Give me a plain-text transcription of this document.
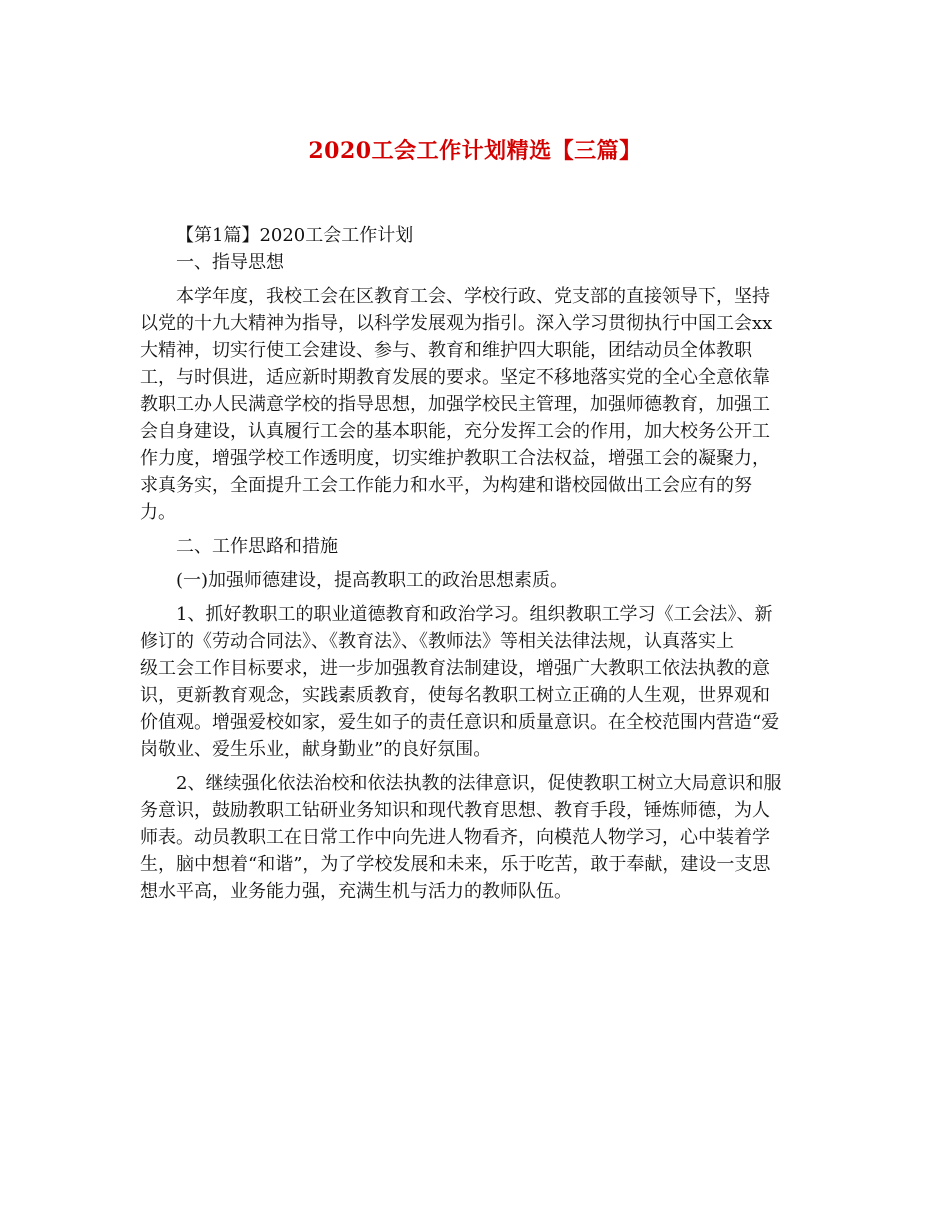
2020工会工作计划精选【三篇】
【第1篇】2020工会工作计划
一、指导思想
本学年度，我校工会在区教育工会、学校行政、党支部的直接领导下，坚持
以党的十九大精神为指导，以科学发展观为指引。深入学习贯彻执行中国工会xx
大精神，切实行使工会建设、参与、教育和维护四大职能，团结动员全体教职
工，与时俱进，适应新时期教育发展的要求。坚定不移地落实党的全心全意依靠
教职工办人民满意学校的指导思想，加强学校民主管理，加强师德教育，加强工
会自身建设，认真履行工会的基本职能，充分发挥工会的作用，加大校务公开工
作力度，增强学校工作透明度，切实维护教职工合法权益，增强工会的凝聚力，
求真务实，全面提升工会工作能力和水平，为构建和谐校园做出工会应有的努
力。
二、工作思路和措施
(一)加强师德建设，提高教职工的政治思想素质。
1、抓好教职工的职业道德教育和政治学习。组织教职工学习《工会法》、新
修订的《劳动合同法》、《教育法》、《教师法》等相关法律法规，认真落实上
级工会工作目标要求，进一步加强教育法制建设，增强广大教职工依法执教的意
识，更新教育观念，实践素质教育，使每名教职工树立正确的人生观，世界观和
价值观。增强爱校如家，爱生如子的责任意识和质量意识。在全校范围内营造“爱
岗敬业、爱生乐业，献身勤业”的良好氛围。
2、继续强化依法治校和依法执教的法律意识，促使教职工树立大局意识和服
务意识，鼓励教职工钻研业务知识和现代教育思想、教育手段，锤炼师德，为人
师表。动员教职工在日常工作中向先进人物看齐，向模范人物学习，心中装着学
生，脑中想着“和谐”，为了学校发展和未来，乐于吃苦，敢于奉献，建设一支思
想水平高，业务能力强，充满生机与活力的教师队伍。
